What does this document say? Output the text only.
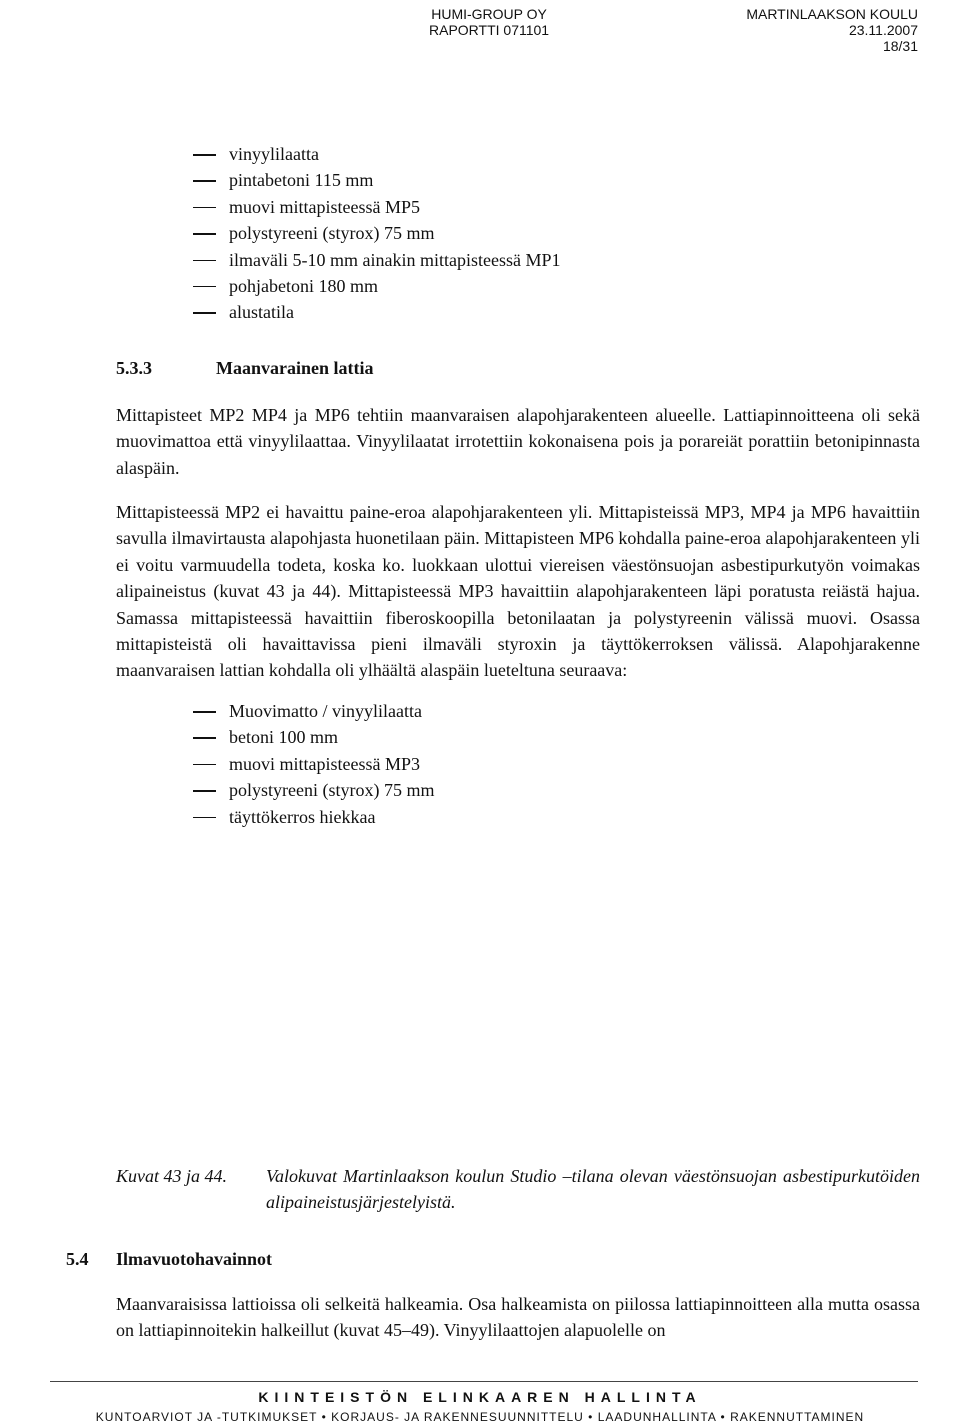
HUMI-GROUP OY
RAPORTTI 071101
MARTINLAAKSON KOULU
23.11.2007
18/31
vinyylilaatta
pintabetoni 115 mm
muovi mittapisteessä MP5
polystyreeni (styrox) 75 mm
ilmaväli 5-10 mm ainakin mittapisteessä MP1
pohjabetoni 180 mm
alustatila
5.3.3	Maanvarainen lattia

Mittapisteet MP2 MP4 ja MP6 tehtiin maanvaraisen alapohjarakenteen alueelle. Lattiapinnoitteena oli sekä muovimattoa että vinyylilaattaa. Vinyylilaatat irrotettiin kokonaisena pois ja porareiät porattiin betonipinnasta alaspäin.

Mittapisteessä MP2 ei havaittu paine-eroa alapohjarakenteen yli. Mittapisteissä MP3, MP4 ja MP6 havaittiin savulla ilmavirtausta alapohjasta huonetilaan päin. Mittapisteen MP6 kohdalla paine-eroa alapohjarakenteen yli ei voitu varmuudella todeta, koska ko. luokkaan ulottui viereisen väestönsuojan asbestipurkutyön voimakas alipaineistus (kuvat 43 ja 44). Mittapisteessä MP3 havaittiin alapohjarakenteen läpi poratusta reiästä hajua. Samassa mittapisteessä havaittiin fiberoskoopilla betonilaatan ja polystyreenin välissä muovi. Osassa mittapisteistä oli havaittavissa pieni ilmaväli styroxin ja täyttökerroksen välissä. Alapohjarakenne maanvaraisen lattian kohdalla oli ylhäältä alaspäin lueteltuna seuraava:

Muovimatto / vinyylilaatta
betoni 100 mm
muovi mittapisteessä MP3
polystyreeni (styrox) 75 mm
täyttökerros hiekkaa
Kuvat 43 ja 44. Valokuvat Martinlaakson koulun Studio –tilana olevan väestönsuojan asbestipurkutöiden alipaineistusjärjestelyistä.
5.4 Ilmavuotohavainnot

Maanvaraisissa lattioissa oli selkeitä halkeamia. Osa halkeamista on piilossa lattiapinnoitteen alla mutta osassa on lattiapinnoitekin halkeillut (kuvat 45–49). Vinyylilaattojen alapuolelle on

KIINTEISTÖN ELINKAAREN HALLINTA
KUNTOARVIOT JA -TUTKIMUKSET • KORJAUS- JA RAKENNESUUNNITTELU • LAADUNHALLINTA • RAKENNUTTAMINEN
